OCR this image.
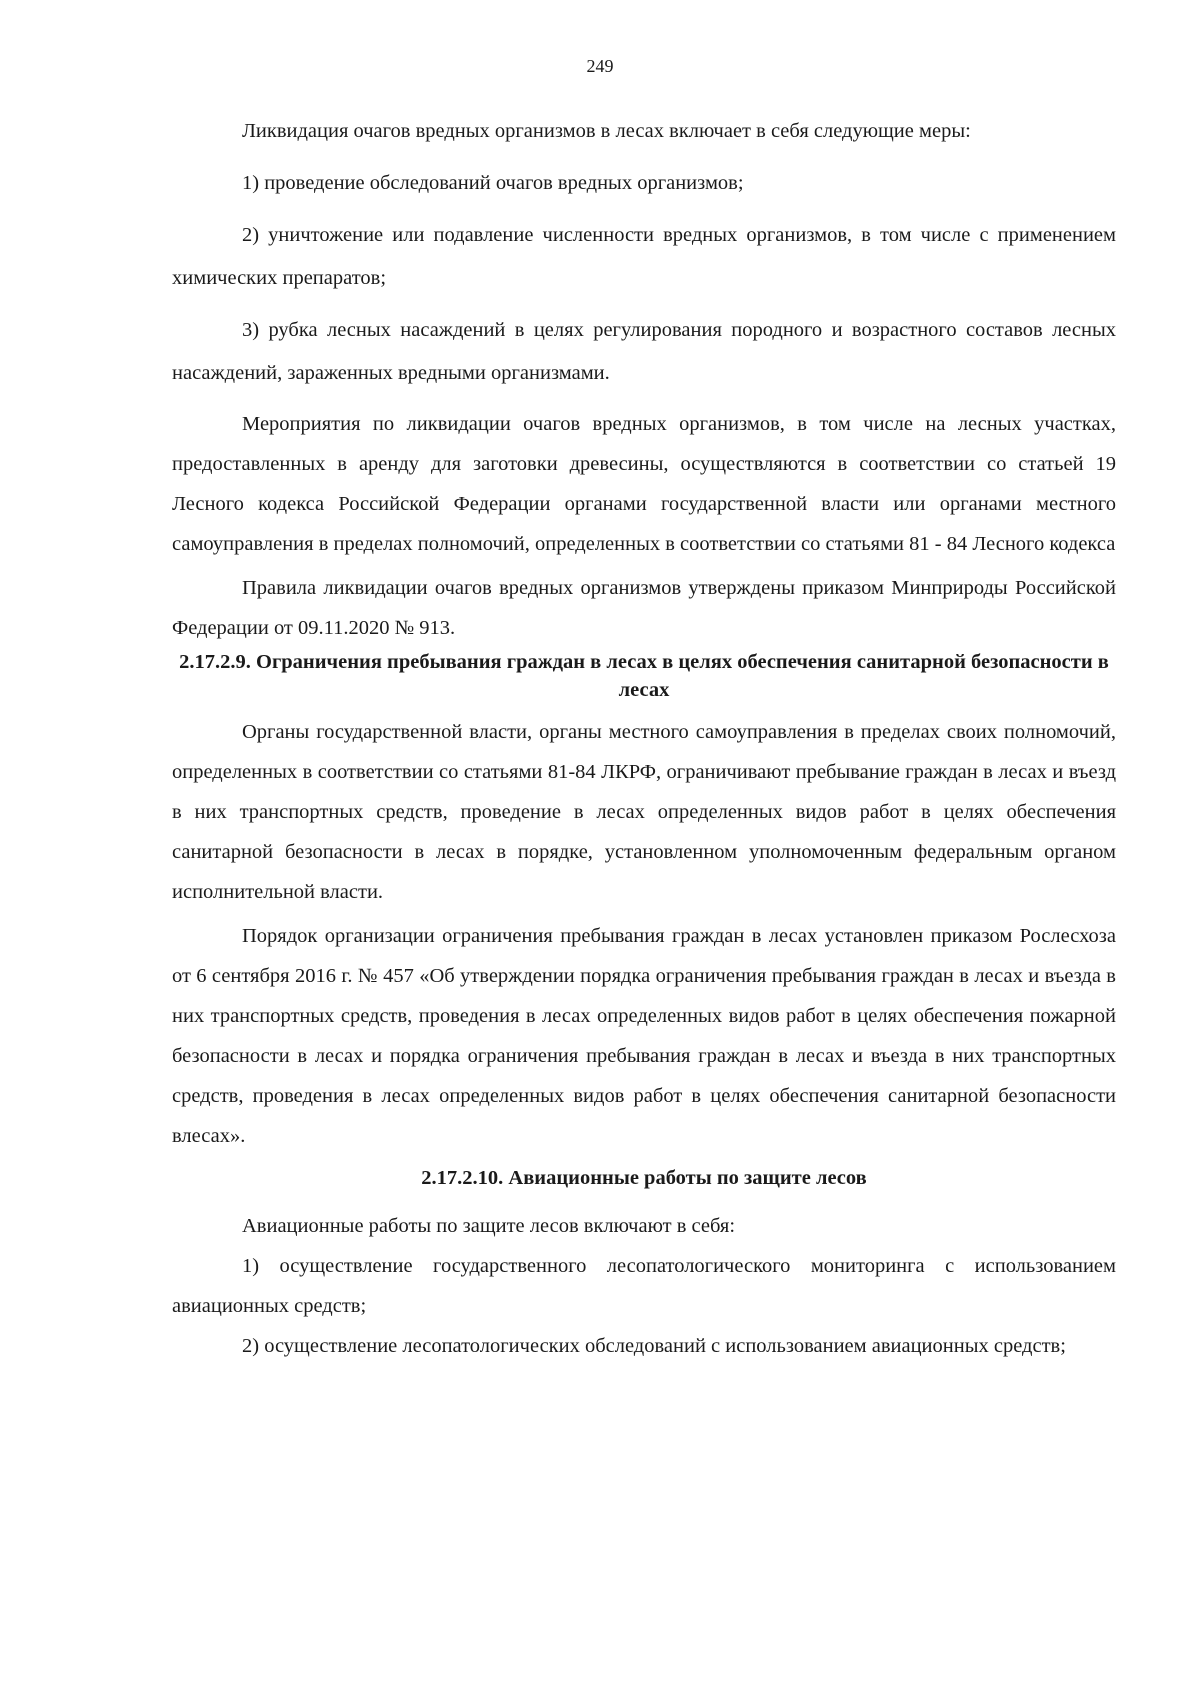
249

Ликвидация очагов вредных организмов в лесах включает в себя следующие меры:

1) проведение обследований очагов вредных организмов;

2) уничтожение или подавление численности вредных организмов, в том числе с применением химических препаратов;

3) рубка лесных насаждений в целях регулирования породного и возрастного составов лесных насаждений, зараженных вредными организмами.

Мероприятия по ликвидации очагов вредных организмов, в том числе на лесных участках, предоставленных в аренду для заготовки древесины, осуществляются в соответствии со статьей 19 Лесного кодекса Российской Федерации органами государственной власти или органами местного самоуправления в пределах полномочий, определенных в соответствии со статьями 81 - 84 Лесного кодекса

Правила ликвидации очагов вредных организмов утверждены приказом Минприроды Российской Федерации от 09.11.2020 № 913.

2.17.2.9. Ограничения пребывания граждан в лесах в целях обеспечения санитарной безопасности в лесах

Органы государственной власти, органы местного самоуправления в пределах своих полномочий, определенных в соответствии со статьями 81-84 ЛКРФ, ограничивают пребывание граждан в лесах и въезд в них транспортных средств, проведение в лесах определенных видов работ в целях обеспечения санитарной безопасности в лесах в порядке, установленном уполномоченным федеральным органом исполнительной власти.

Порядок организации ограничения пребывания граждан в лесах установлен приказом Рослесхоза от 6 сентября 2016 г. № 457 «Об утверждении порядка ограничения пребывания граждан в лесах и въезда в них транспортных средств, проведения в лесах определенных видов работ в целях обеспечения пожарной безопасности в лесах и порядка ограничения пребывания граждан в лесах и въезда в них транспортных средств, проведения в лесах определенных видов работ в целях обеспечения санитарной безопасности влесах».

2.17.2.10. Авиационные работы по защите лесов

Авиационные работы по защите лесов включают в себя:

1) осуществление государственного лесопатологического мониторинга с использованием авиационных средств;

2) осуществление лесопатологических обследований с использованием авиационных средств;
